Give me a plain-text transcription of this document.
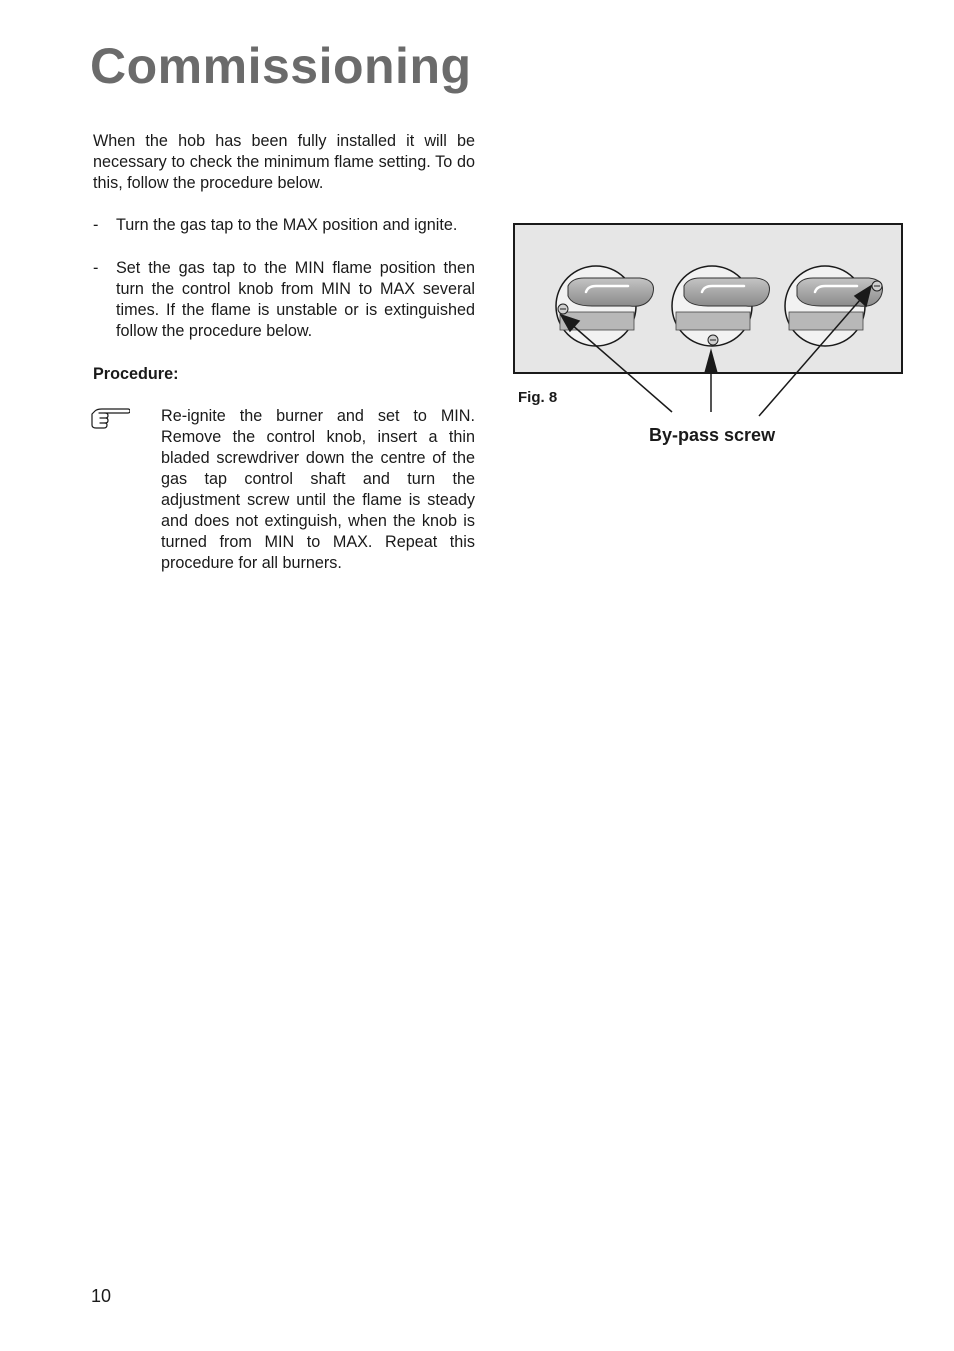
Commissioning

When the hob has been fully installed it will be necessary to check the minimum flame setting. To do this, follow the procedure below.

- Turn the gas tap to the MAX position and ignite.

- Set the gas tap to the MIN flame position then turn the control knob from MIN to MAX several times. If the flame is unstable or is extinguished follow the procedure below.

Procedure:

Re-ignite the burner and set to MIN. Remove the control knob, insert a thin bladed screwdriver down the centre of the gas tap control shaft and turn the adjustment screw until the flame is steady and does not extinguish, when the knob is turned from MIN to MAX. Repeat this procedure for all burners.
Fig. 8
By-pass screw
10
